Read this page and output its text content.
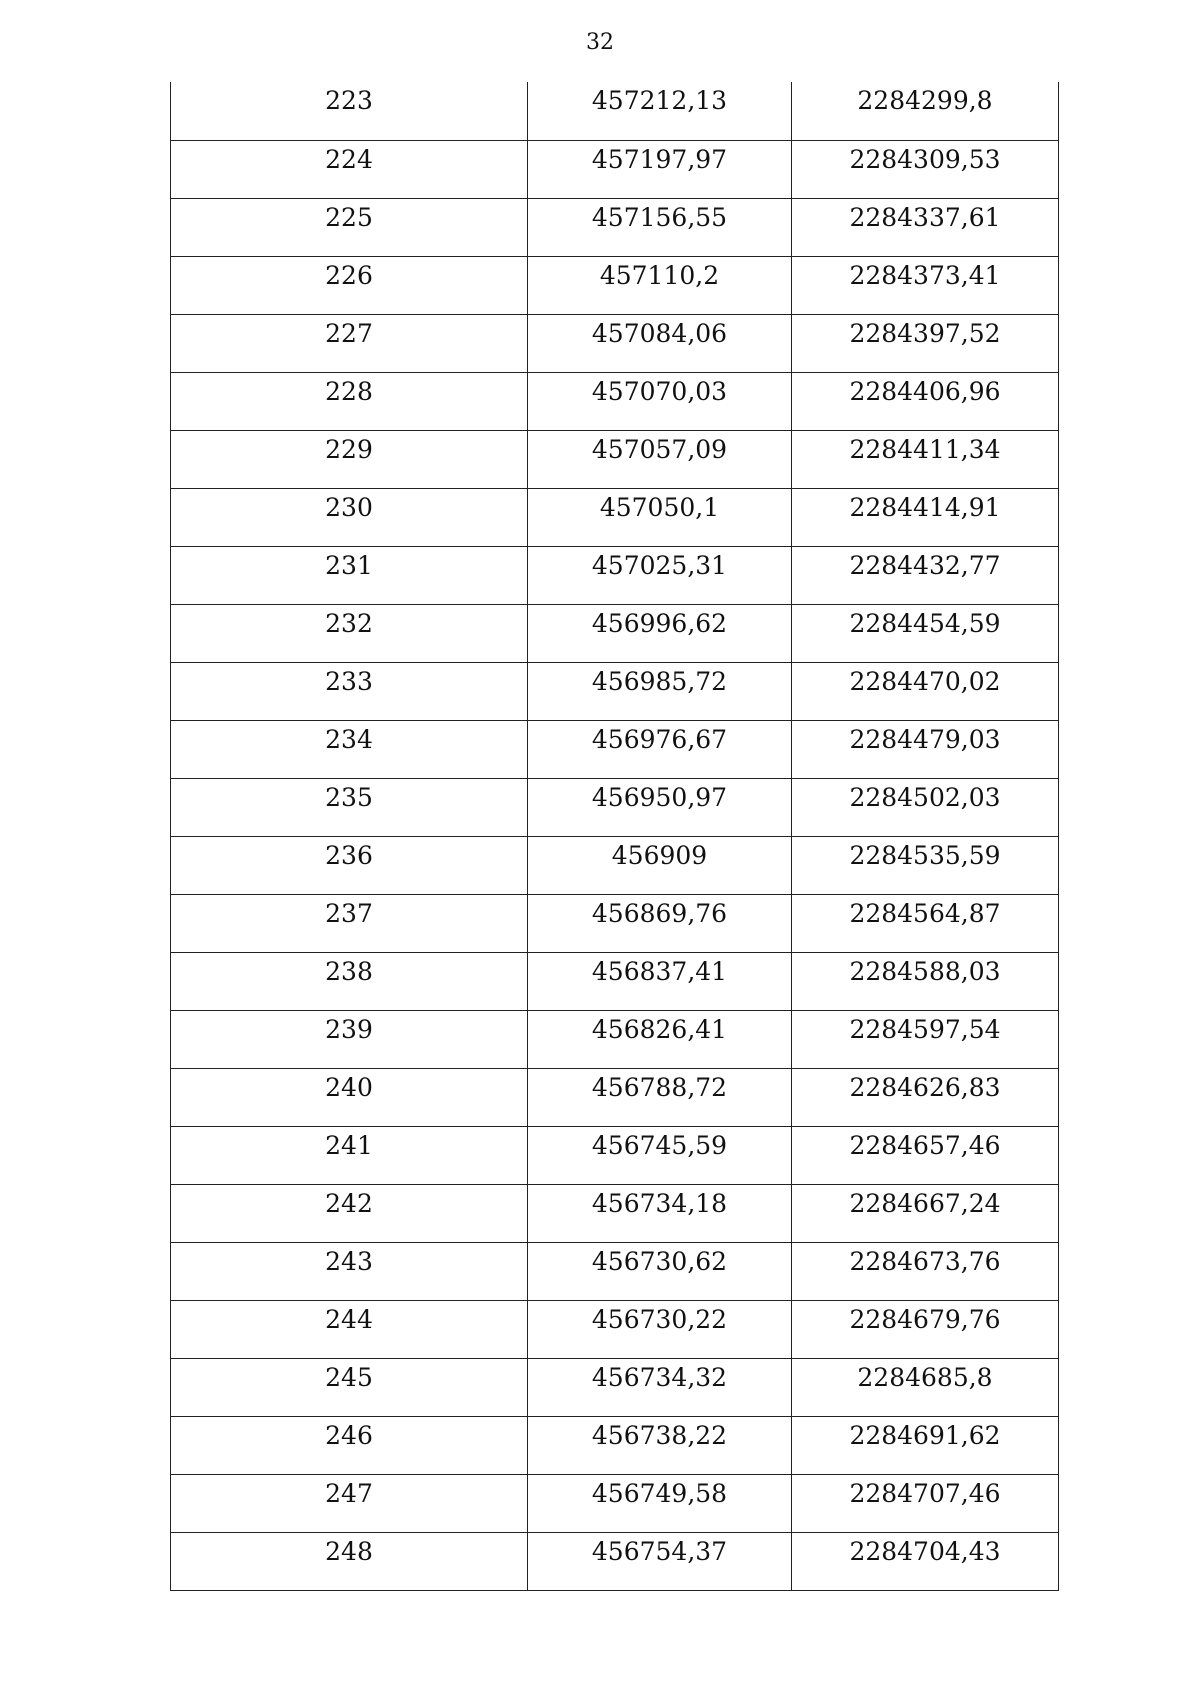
32
223	457212,13	2284299,8
224	457197,97	2284309,53
225	457156,55	2284337,61
226	457110,2	2284373,41
227	457084,06	2284397,52
228	457070,03	2284406,96
229	457057,09	2284411,34
230	457050,1	2284414,91
231	457025,31	2284432,77
232	456996,62	2284454,59
233	456985,72	2284470,02
234	456976,67	2284479,03
235	456950,97	2284502,03
236	456909	2284535,59
237	456869,76	2284564,87
238	456837,41	2284588,03
239	456826,41	2284597,54
240	456788,72	2284626,83
241	456745,59	2284657,46
242	456734,18	2284667,24
243	456730,62	2284673,76
244	456730,22	2284679,76
245	456734,32	2284685,8
246	456738,22	2284691,62
247	456749,58	2284707,46
248	456754,37	2284704,43
